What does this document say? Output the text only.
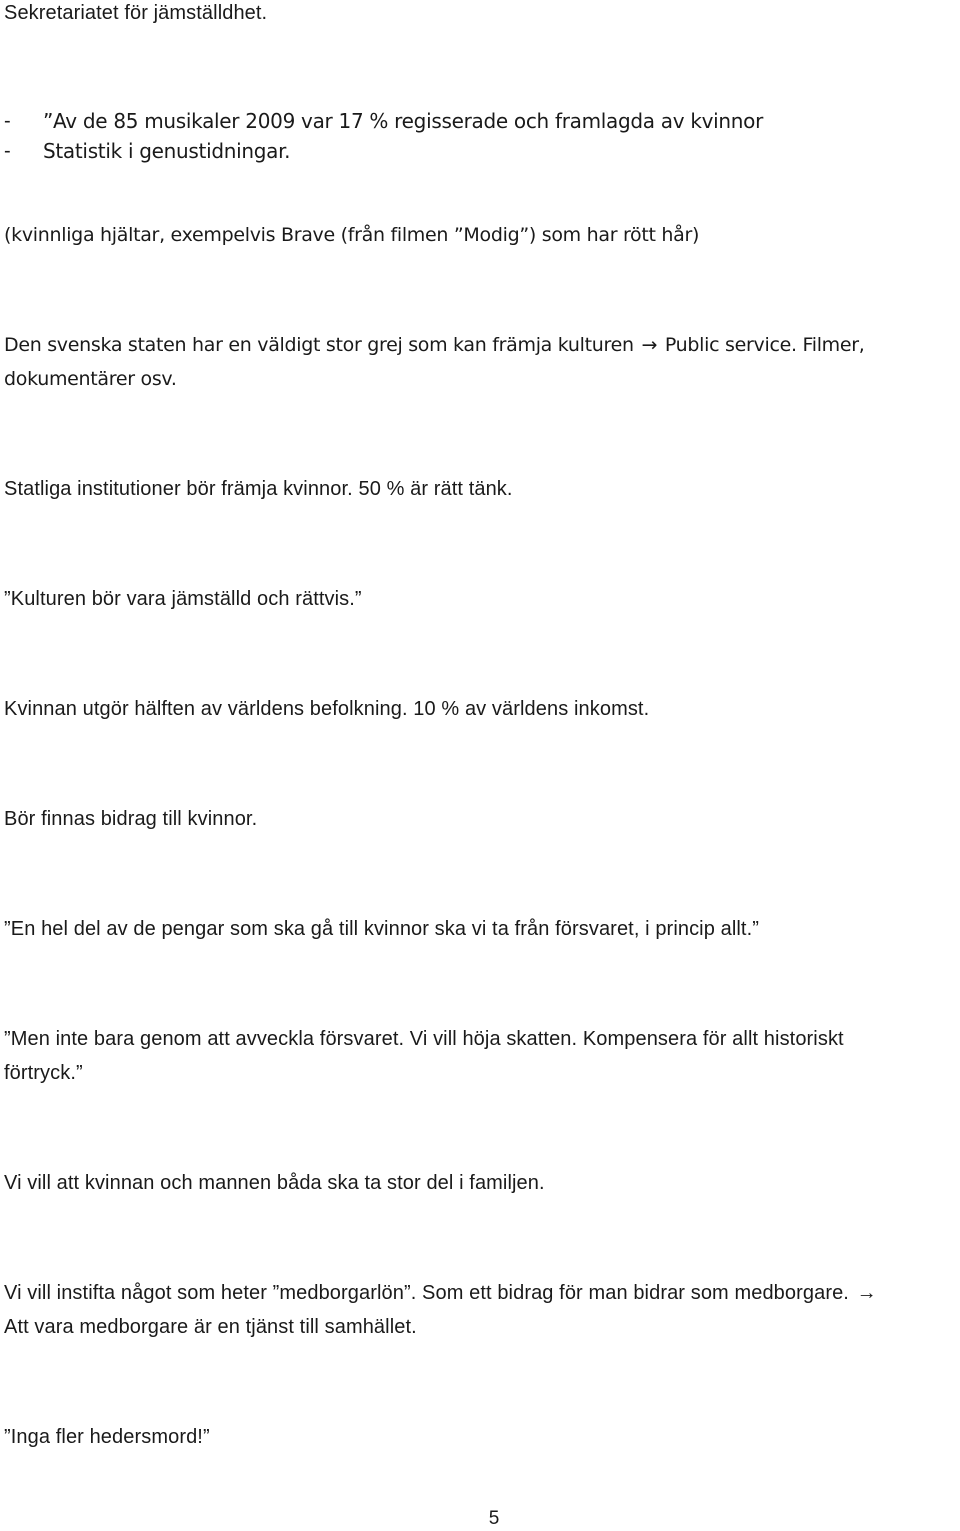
Sekretariatet för jämställdhet.
- ”Av de 85 musikaler 2009 var 17 % regisserade och framlagda av kvinnor
- Statistik i genustidningar.
(kvinnliga hjältar, exempelvis Brave (från filmen ”Modig”) som har rött hår)
Den svenska staten har en väldigt stor grej som kan främja kulturen → Public service. Filmer,
dokumentärer osv.
Statliga institutioner bör främja kvinnor. 50 % är rätt tänk.
”Kulturen bör vara jämställd och rättvis.”
Kvinnan utgör hälften av världens befolkning. 10 % av världens inkomst.
Bör finnas bidrag till kvinnor.
”En hel del av de pengar som ska gå till kvinnor ska vi ta från försvaret, i princip allt.”
”Men inte bara genom att avveckla försvaret. Vi vill höja skatten. Kompensera för allt historiskt
förtryck.”
Vi vill att kvinnan och mannen båda ska ta stor del i familjen.
Vi vill instifta något som heter ”medborgarlön”. Som ett bidrag för man bidrar som medborgare. →
Att vara medborgare är en tjänst till samhället.
”Inga fler hedersmord!”
5
